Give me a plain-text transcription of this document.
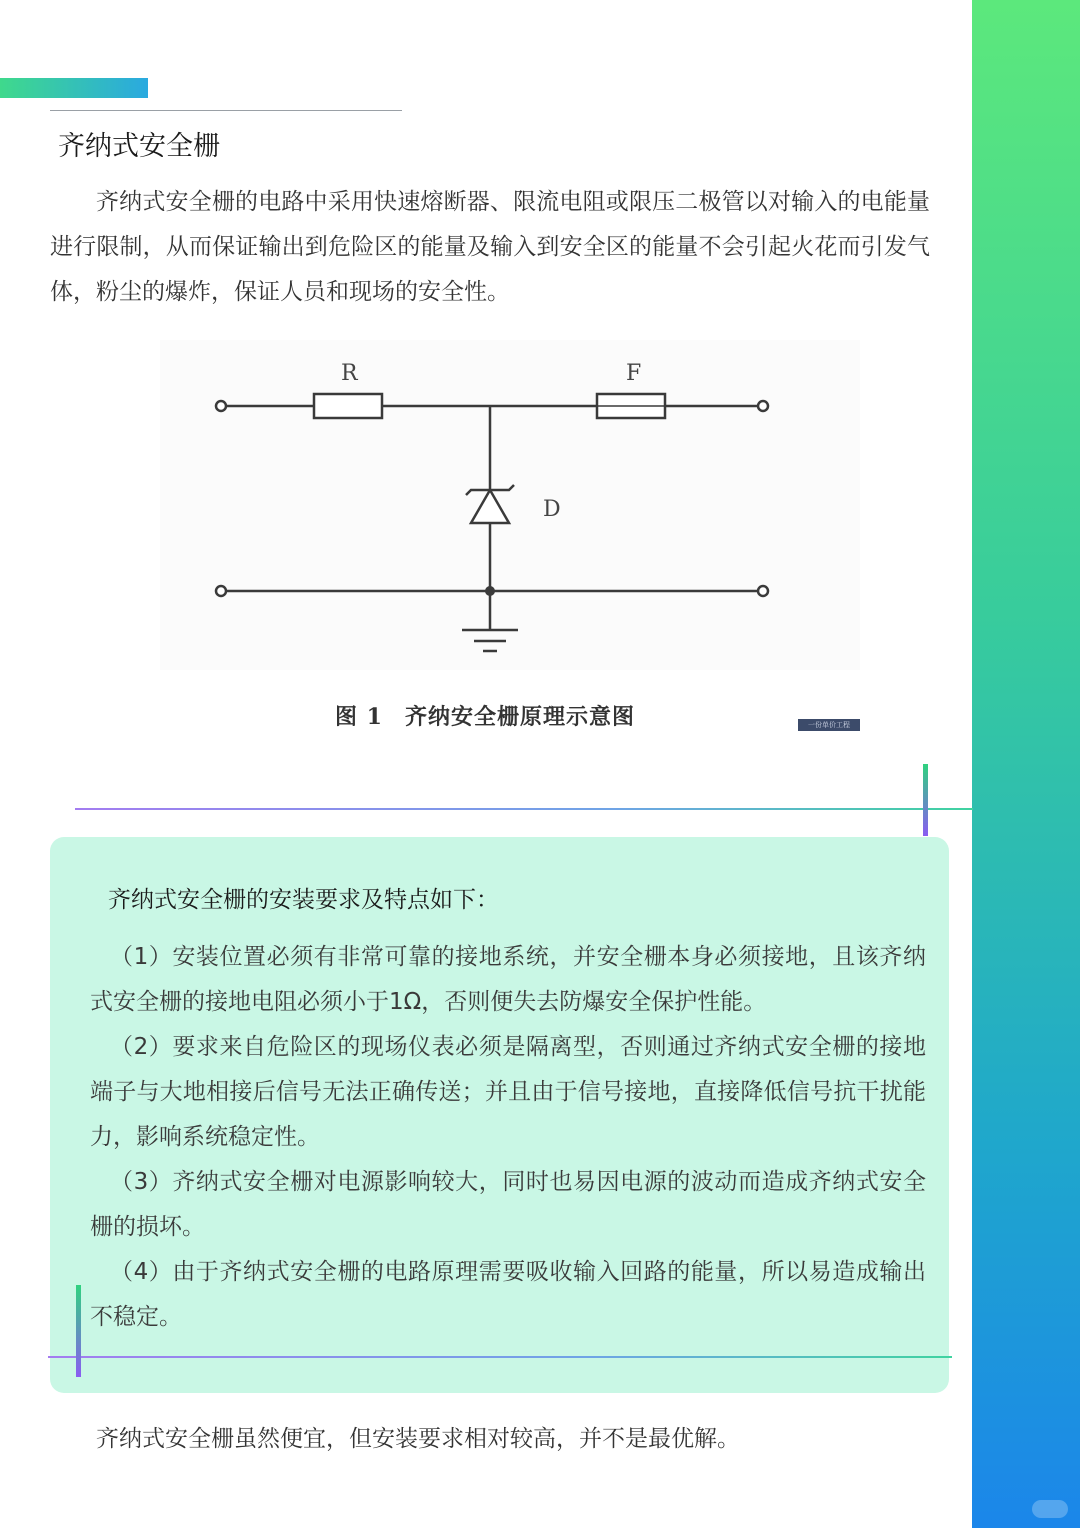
齐纳式安全栅

齐纳式安全栅的电路中采用快速熔断器、限流电阻或限压二极管以对输入的电能量进行限制，从而保证输出到危险区的能量及输入到安全区的能量不会引起火花而引发气体，粉尘的爆炸，保证人员和现场的安全性。

R	F
D

图 1 齐纳安全栅原理示意图	一份单价工程
齐纳式安全栅的安装要求及特点如下：
（1）安装位置必须有非常可靠的接地系统，并安全栅本身必须接地，且该齐纳式安全栅的接地电阻必须小于1Ω，否则便失去防爆安全保护性能。
（2）要求来自危险区的现场仪表必须是隔离型，否则通过齐纳式安全栅的接地端子与大地相接后信号无法正确传送；并且由于信号接地，直接降低信号抗干扰能力，影响系统稳定性。
（3）齐纳式安全栅对电源影响较大，同时也易因电源的波动而造成齐纳式安全栅的损坏。
（4）由于齐纳式安全栅的电路原理需要吸收输入回路的能量，所以易造成输出不稳定。

齐纳式安全栅虽然便宜，但安装要求相对较高，并不是最优解。
